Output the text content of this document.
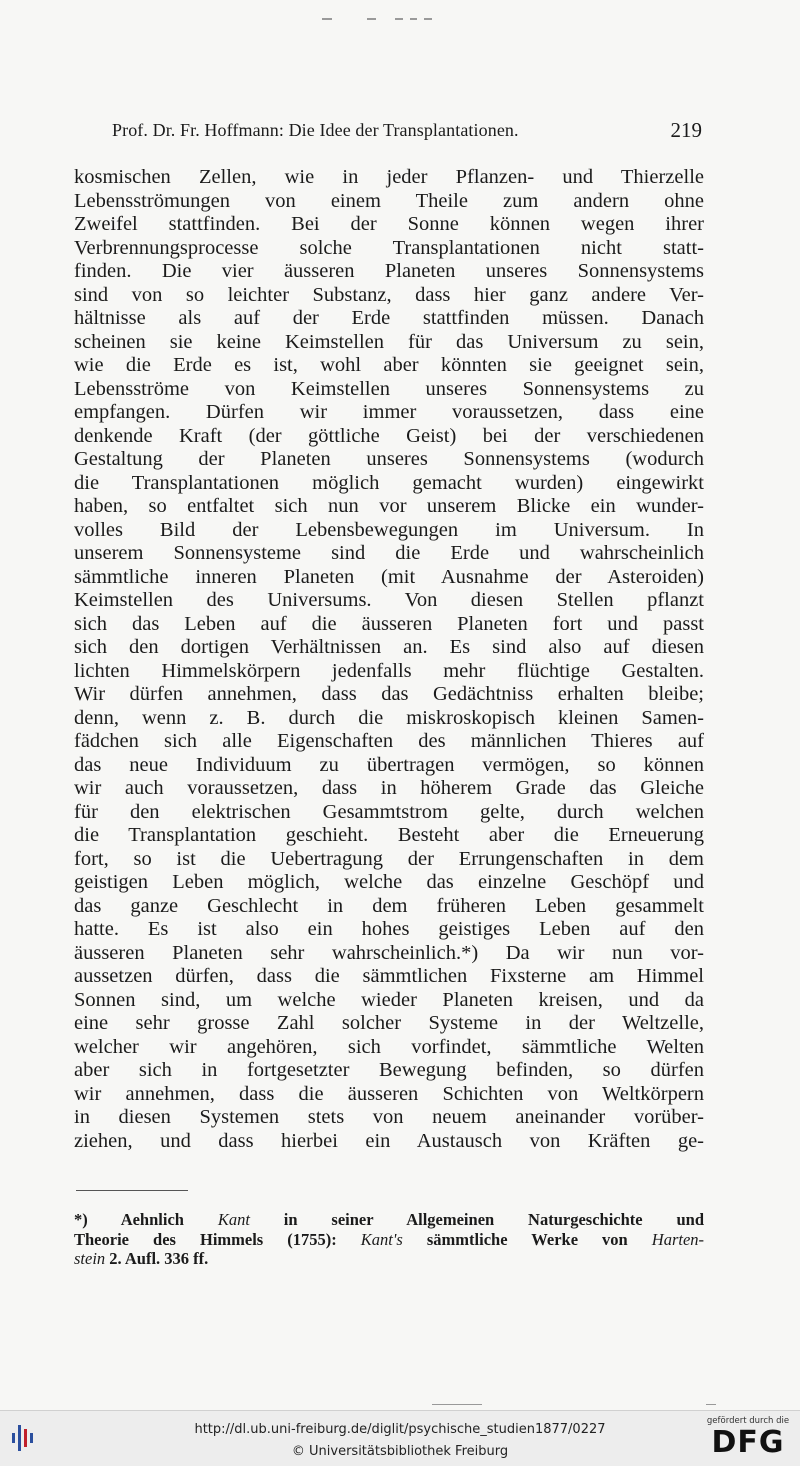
Prof. Dr. Fr. Hoffmann: Die Idee der Transplantationen.	219
kosmischen Zellen, wie in jeder Pflanzen- und Thierzelle
Lebensströmungen von einem Theile zum andern ohne
Zweifel stattfinden. Bei der Sonne können wegen ihrer
Verbrennungsprocesse solche Transplantationen nicht statt-
finden. Die vier äusseren Planeten unseres Sonnensystems
sind von so leichter Substanz, dass hier ganz andere Ver-
hältnisse als auf der Erde stattfinden müssen. Danach
scheinen sie keine Keimstellen für das Universum zu sein,
wie die Erde es ist, wohl aber könnten sie geeignet sein,
Lebensströme von Keimstellen unseres Sonnensystems zu
empfangen. Dürfen wir immer voraussetzen, dass eine
denkende Kraft (der göttliche Geist) bei der verschiedenen
Gestaltung der Planeten unseres Sonnensystems (wodurch
die Transplantationen möglich gemacht wurden) eingewirkt
haben, so entfaltet sich nun vor unserem Blicke ein wunder-
volles Bild der Lebensbewegungen im Universum. In
unserem Sonnensysteme sind die Erde und wahrscheinlich
sämmtliche inneren Planeten (mit Ausnahme der Asteroiden)
Keimstellen des Universums. Von diesen Stellen pflanzt
sich das Leben auf die äusseren Planeten fort und passt
sich den dortigen Verhältnissen an. Es sind also auf diesen
lichten Himmelskörpern jedenfalls mehr flüchtige Gestalten.
Wir dürfen annehmen, dass das Gedächtniss erhalten bleibe;
denn, wenn z. B. durch die miskroskopisch kleinen Samen-
fädchen sich alle Eigenschaften des männlichen Thieres auf
das neue Individuum zu übertragen vermögen, so können
wir auch voraussetzen, dass in höherem Grade das Gleiche
für den elektrischen Gesammtstrom gelte, durch welchen
die Transplantation geschieht. Besteht aber die Erneuerung
fort, so ist die Uebertragung der Errungenschaften in dem
geistigen Leben möglich, welche das einzelne Geschöpf und
das ganze Geschlecht in dem früheren Leben gesammelt
hatte. Es ist also ein hohes geistiges Leben auf den
äusseren Planeten sehr wahrscheinlich.*) Da wir nun vor-
aussetzen dürfen, dass die sämmtlichen Fixsterne am Himmel
Sonnen sind, um welche wieder Planeten kreisen, und da
eine sehr grosse Zahl solcher Systeme in der Weltzelle,
welcher wir angehören, sich vorfindet, sämmtliche Welten
aber sich in fortgesetzter Bewegung befinden, so dürfen
wir annehmen, dass die äusseren Schichten von Weltkörpern
in diesen Systemen stets von neuem aneinander vorüber-
ziehen, und dass hierbei ein Austausch von Kräften ge-
*) Aehnlich Kant in seiner Allgemeinen Naturgeschichte und
Theorie des Himmels (1755): Kant's sämmtliche Werke von Harten-
stein 2. Aufl. 336 ff.
http://dl.ub.uni-freiburg.de/diglit/psychische_studien1877/0227
© Universitätsbibliothek Freiburg
gefördert durch die
DFG
